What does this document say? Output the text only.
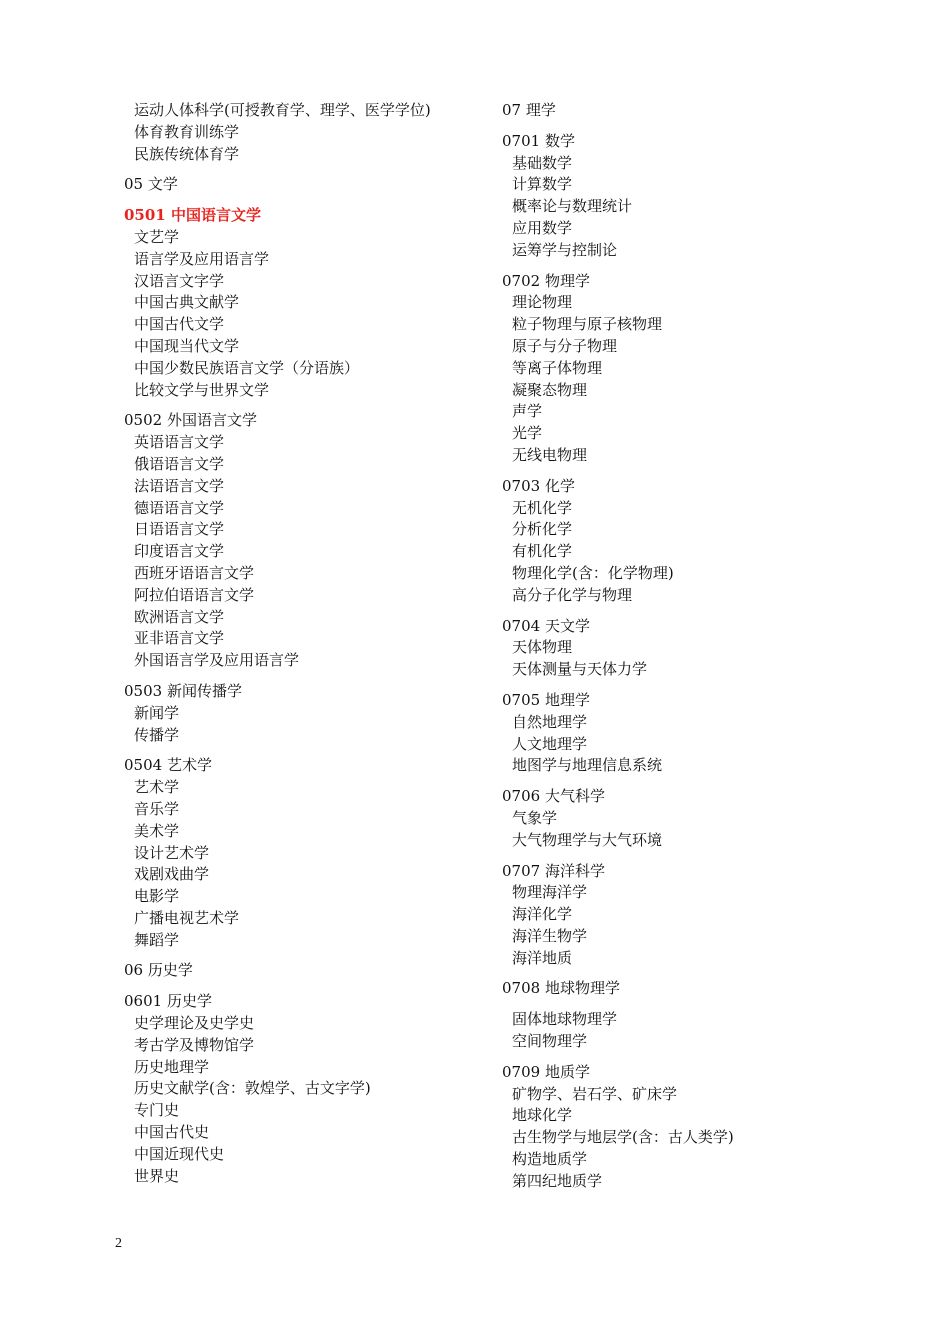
运动人体科学(可授教育学、理学、医学学位)

体育教育训练学

民族传统体育学

05 文学

0501 中国语言文学

文艺学

语言学及应用语言学

汉语言文字学

中国古典文献学

中国古代文学

中国现当代文学

中国少数民族语言文学（分语族）

比较文学与世界文学

0502 外国语言文学

英语语言文学

俄语语言文学

法语语言文学

德语语言文学

日语语言文学

印度语言文学

西班牙语语言文学

阿拉伯语语言文学

欧洲语言文学

亚非语言文学

外国语言学及应用语言学

0503 新闻传播学

新闻学

传播学

0504 艺术学

艺术学

音乐学

美术学

设计艺术学

戏剧戏曲学

电影学

广播电视艺术学

舞蹈学

06 历史学

0601 历史学

史学理论及史学史

考古学及博物馆学

历史地理学

历史文献学(含：敦煌学、古文字学)

专门史

中国古代史

中国近现代史

世界史

07 理学

0701 数学

基础数学

计算数学

概率论与数理统计

应用数学

运筹学与控制论

0702 物理学

理论物理

粒子物理与原子核物理

原子与分子物理

等离子体物理

凝聚态物理

声学

光学

无线电物理

0703 化学

无机化学

分析化学

有机化学

物理化学(含：化学物理)

高分子化学与物理

0704 天文学

天体物理

天体测量与天体力学

0705 地理学

自然地理学

人文地理学

地图学与地理信息系统

0706 大气科学

气象学

大气物理学与大气环境

0707 海洋科学

物理海洋学

海洋化学

海洋生物学

海洋地质

0708 地球物理学

固体地球物理学

空间物理学

0709 地质学

矿物学、岩石学、矿床学

地球化学

古生物学与地层学(含：古人类学)

构造地质学

第四纪地质学

2
